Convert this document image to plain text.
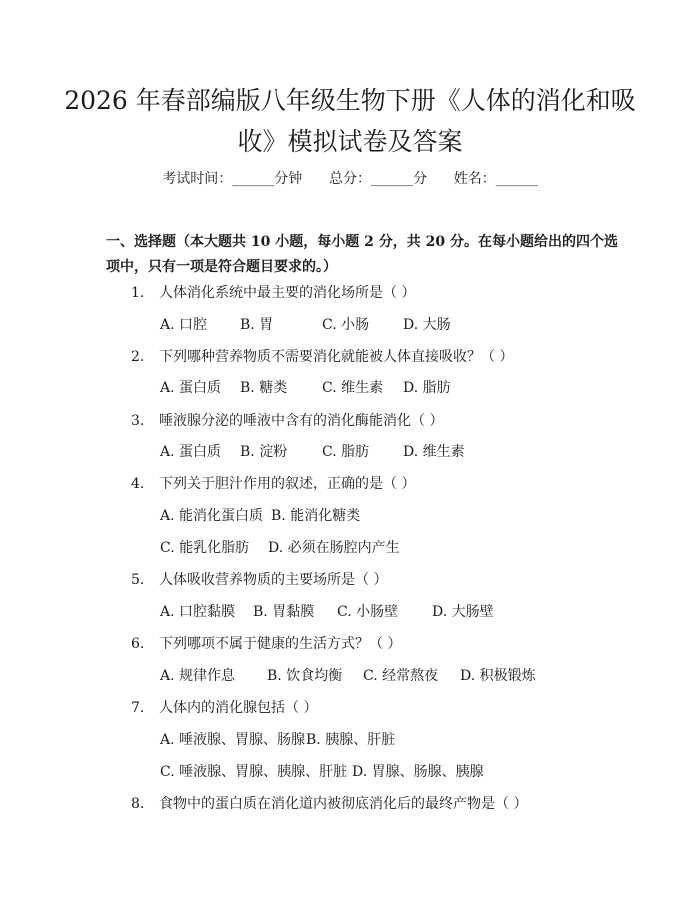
2026 年春部编版八年级生物下册《人体的消化和吸收》模拟试卷及答案
考试时间：______分钟 总分：______分 姓名：______

一、选择题（本大题共 10 小题，每小题 2 分，共 20 分。在每小题给出的四个选项中，只有一项是符合题目要求的。）

1. 人体消化系统中最主要的消化场所是（ ）
A. 口腔 B. 胃	C. 小肠 D. 大肠
2. 下列哪种营养物质不需要消化就能被人体直接吸收？（ ）
A. 蛋白质 B. 糖类 C. 维生素 D. 脂肪
3. 唾液腺分泌的唾液中含有的消化酶能消化（ ）
A. 蛋白质 B. 淀粉 C. 脂肪 D. 维生素
4. 下列关于胆汁作用的叙述，正确的是（ ）
A. 能消化蛋白质 B. 能消化糖类
C. 能乳化脂肪 D. 必须在肠腔内产生
5. 人体吸收营养物质的主要场所是（ ）
A. 口腔黏膜 B. 胃黏膜 C. 小肠壁 D. 大肠壁
6. 下列哪项不属于健康的生活方式？（ ）
A. 规律作息 B. 饮食均衡 C. 经常熬夜 D. 积极锻炼
7. 人体内的消化腺包括（ ）
A. 唾液腺、胃腺、肠腺 B. 胰腺、肝脏
C. 唾液腺、胃腺、胰腺、肝脏 D. 胃腺、肠腺、胰腺
8. 食物中的蛋白质在消化道内被彻底消化后的最终产物是（ ）
